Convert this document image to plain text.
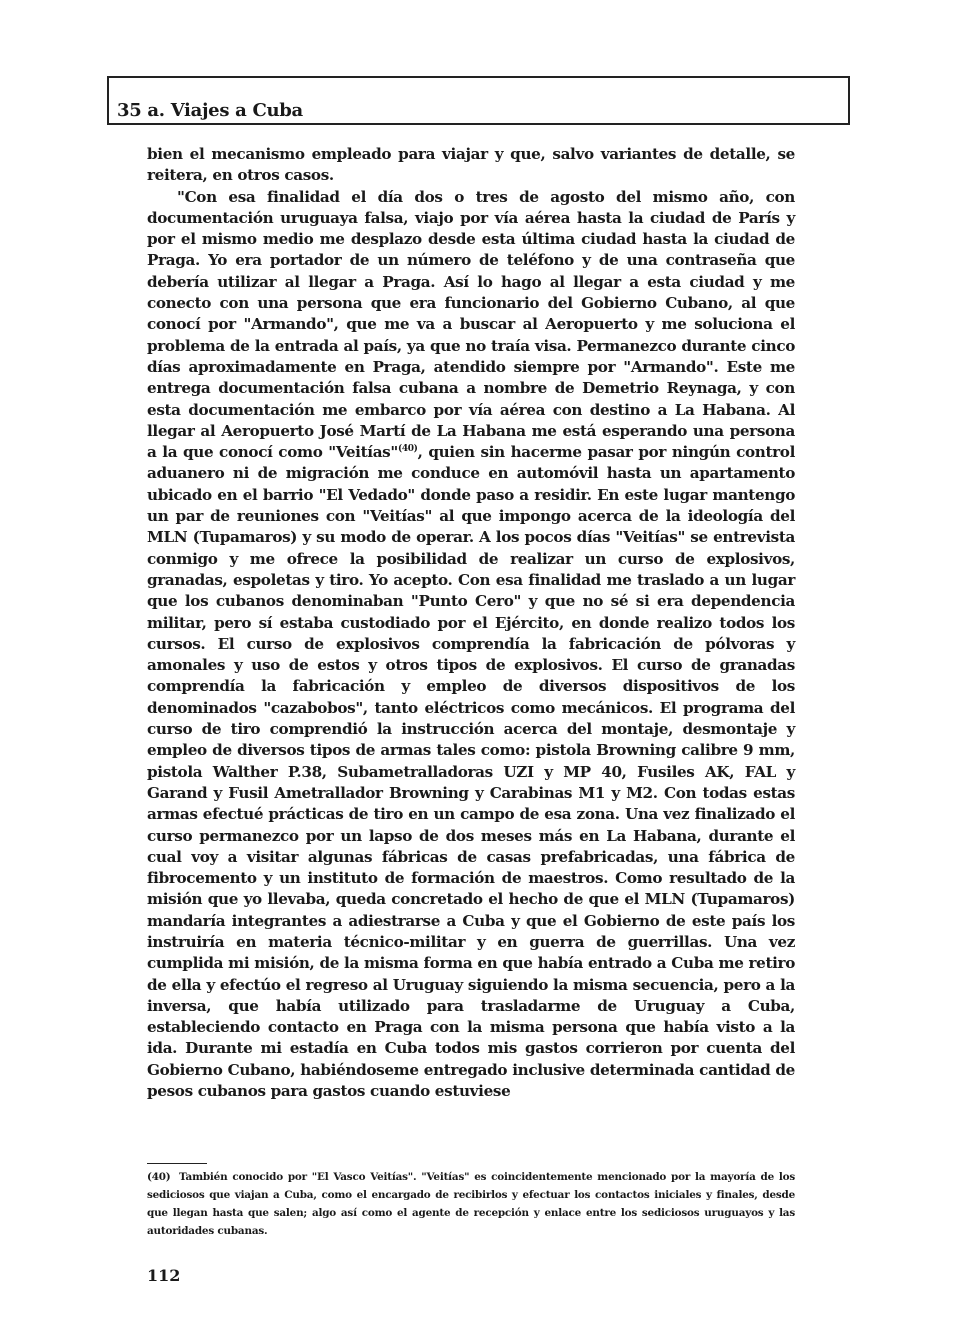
35 a. Viajes a Cuba

bien el mecanismo empleado para viajar y que, salvo variantes de detalle, se reitera, en otros casos.

"Con esa finalidad el día dos o tres de agosto del mismo año, con documentación uruguaya falsa, viajo por vía aérea hasta la ciudad de París y por el mismo medio me desplazo desde esta última ciudad hasta la ciudad de Praga. Yo era portador de un número de teléfono y de una contraseña que debería utilizar al llegar a Praga. Así lo hago al llegar a esta ciudad y me conecto con una persona que era funcionario del Gobierno Cubano, al que conocí por "Armando", que me va a buscar al Aeropuerto y me soluciona el problema de la entrada al país, ya que no traía visa. Permanezco durante cinco días aproximadamente en Praga, atendido siempre por "Armando". Este me entrega documentación falsa cubana a nombre de Demetrio Reynaga, y con esta documentación me embarco por vía aérea con destino a La Habana. Al llegar al Aeropuerto José Martí de La Habana me está esperando una persona a la que conocí como "Veitías"$^{(40)}$, quien sin hacerme pasar por ningún control aduanero ni de migración me conduce en automóvil hasta un apartamento ubicado en el barrio "El Vedado" donde paso a residir. En este lugar mantengo un par de reuniones con "Veitías" al que impongo acerca de la ideología del MLN (Tupamaros) y su modo de operar. A los pocos días "Veitías" se entrevista conmigo y me ofrece la posibilidad de realizar un curso de explosivos, granadas, espoletas y tiro. Yo acepto. Con esa finalidad me traslado a un lugar que los cubanos denominaban "Punto Cero" y que no sé si era dependencia militar, pero sí estaba custodiado por el Ejército, en donde realizo todos los cursos. El curso de explosivos comprendía la fabricación de pólvoras y amonales y uso de estos y otros tipos de explosivos. El curso de granadas comprendía la fabricación y empleo de diversos dispositivos de los denominados "cazabobos", tanto eléctricos como mecánicos. El programa del curso de tiro comprendió la instrucción acerca del montaje, desmontaje y empleo de diversos tipos de armas tales como: pistola Browning calibre 9 mm, pistola Walther P.38, Subametralladoras UZI y MP 40, Fusiles AK, FAL y Garand y Fusil Ametrallador Browning y Carabinas M1 y M2. Con todas estas armas efectué prácticas de tiro en un campo de esa zona. Una vez finalizado el curso permanezco por un lapso de dos meses más en La Habana, durante el cual voy a visitar algunas fábricas de casas prefabricadas, una fábrica de fibrocemento y un instituto de formación de maestros. Como resultado de la misión que yo llevaba, queda concretado el hecho de que el MLN (Tupamaros) mandaría integrantes a adiestrarse a Cuba y que el Gobierno de este país los instruiría en materia técnico-militar y en guerra de guerrillas. Una vez cumplida mi misión, de la misma forma en que había entrado a Cuba me retiro de ella y efectúo el regreso al Uruguay siguiendo la misma secuencia, pero a la inversa, que había utilizado para trasladarme de Uruguay a Cuba, estableciendo contacto en Praga con la misma persona que había visto a la ida. Durante mi estadía en Cuba todos mis gastos corrieron por cuenta del Gobierno Cubano, habiéndoseme entregado inclusive determinada cantidad de pesos cubanos para gastos cuando estuviese

(40) También conocido por "El Vasco Veitías". "Veitías" es coincidentemente mencionado por la mayoría de los sediciosos que viajan a Cuba, como el encargado de recibirlos y efectuar los contactos iniciales y finales, desde que llegan hasta que salen; algo así como el agente de recepción y enlace entre los sediciosos uruguayos y las autoridades cubanas.
112
